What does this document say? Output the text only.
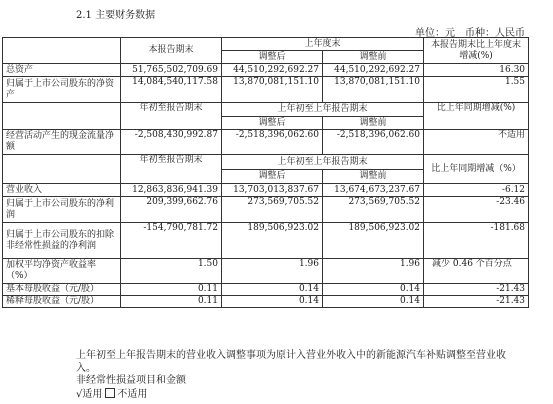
2.1 主要财务数据
单位：元　币种：人民币
	本报告期末	上年度末		本报告期末比上年度末增减(%)
		调整后	调整前	
总资产	51,765,502,709.69	44,510,292,692.27	44,510,292,692.27	16.30
归属于上市公司股东的净资产	14,084,540,117.58	13,870,081,151.10	13,870,081,151.10	1.55
	年初至报告期末	上年初至上年报告期末		比上年同期增减(%)
		调整后	调整前	
经营活动产生的现金流量净额	-2,508,430,992.87	-2,518,396,062.60	-2,518,396,062.60	不适用
	年初至报告期末	上年初至上年报告期末		比上年同期增减（%）
		调整后	调整前	
营业收入	12,863,836,941.39	13,703,013,837.67	13,674,673,237.67	-6.12
归属于上市公司股东的净利润	209,399,662.76	273,569,705.52	273,569,705.52	-23.46
归属于上市公司股东的扣除非经常性损益的净利润	-154,790,781.72	189,506,923.02	189,506,923.02	-181.68
加权平均净资产收益率（%）	1.50	1.96	1.96	减少 0.46 个百分点
基本每股收益（元/股）	0.11	0.14	0.14	-21.43
稀释每股收益（元/股）	0.11	0.14	0.14	-21.43
上年初至上年报告期末的营业收入调整事项为原计入营业外收入中的新能源汽车补贴调整至营业收入。
非经常性损益项目和金额
√适用 不适用
